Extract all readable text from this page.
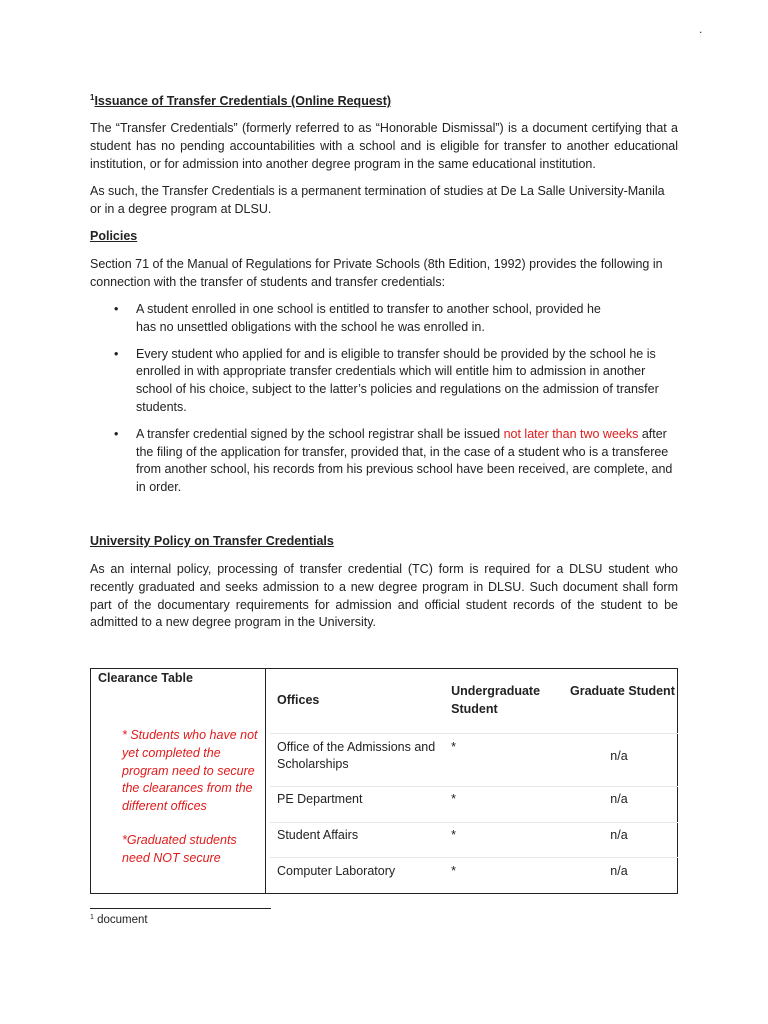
.
$^1$Issuance of Transfer Credentials (Online Request)
The “Transfer Credentials” (formerly referred to as “Honorable Dismissal”) is a document certifying that a student has no pending accountabilities with a school and is eligible for transfer to another educational institution, or for admission into another degree program in the same educational institution.
As such, the Transfer Credentials is a permanent termination of studies at De La Salle University-Manila or in a degree program at DLSU.
Policies
Section 71 of the Manual of Regulations for Private Schools (8th Edition, 1992) provides the following in connection with the transfer of students and transfer credentials:
• A student enrolled in one school is entitled to transfer to another school, provided he has no unsettled obligations with the school he was enrolled in.
• Every student who applied for and is eligible to transfer should be provided by the school he is enrolled in with appropriate transfer credentials which will entitle him to admission in another school of his choice, subject to the latter’s policies and regulations on the admission of transfer students.
• A transfer credential signed by the school registrar shall be issued not later than two weeks after the filing of the application for transfer, provided that, in the case of a student who is a transferee from another school, his records from his previous school have been received, are complete, and in order.
University Policy on Transfer Credentials
As an internal policy, processing of transfer credential (TC) form is required for a DLSU student who recently graduated and seeks admission to a new degree program in DLSU. Such document shall form part of the documentary requirements for admission and official student records of the student to be admitted to a new degree program in the University.
Clearance Table
* Students who have not yet completed the program need to secure the clearances from the different offices
*Graduated students need NOT secure
Offices	Undergraduate Student	Graduate Student
Office of the Admissions and Scholarships	*	n/a
PE Department	*	n/a
Student Affairs	*	n/a
Computer Laboratory	*	n/a
$^1$ document
